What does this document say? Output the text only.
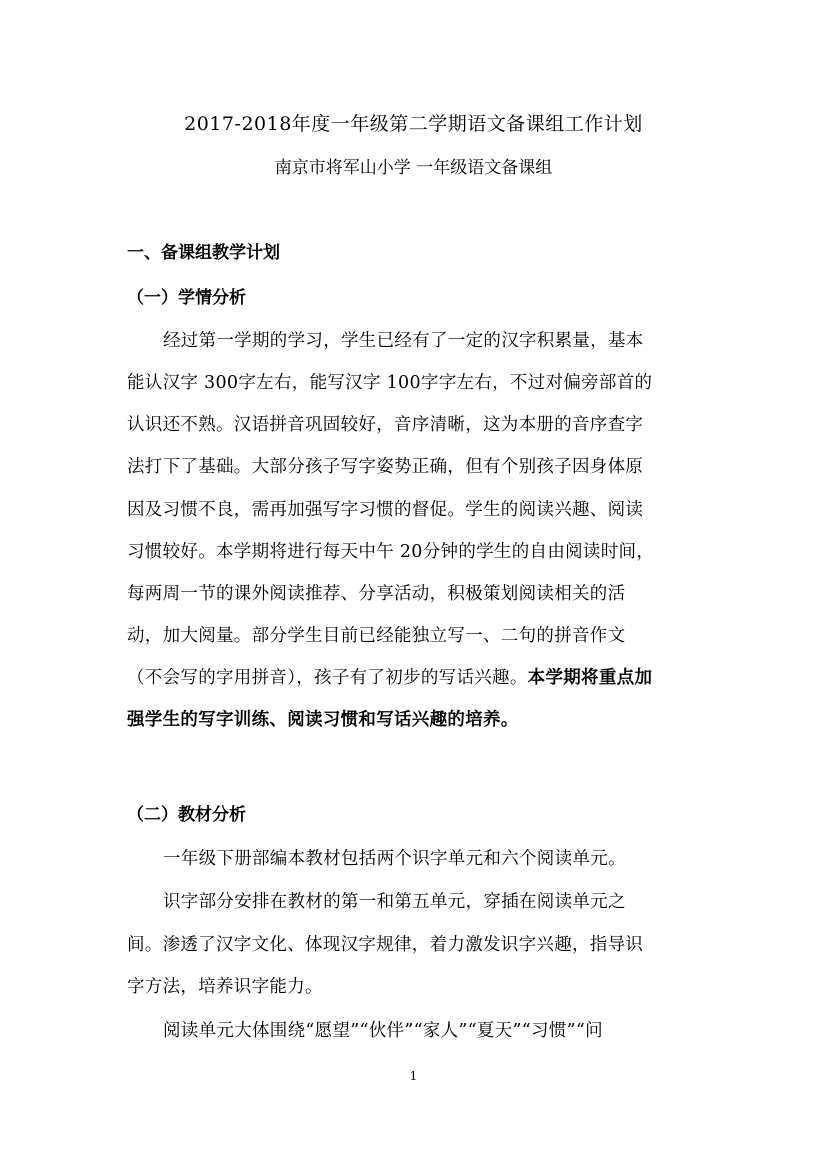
2017-2018年度一年级第二学期语文备课组工作计划
南京市将军山小学 一年级语文备课组
一、备课组教学计划
（一）学情分析
经过第一学期的学习，学生已经有了一定的汉字积累量，基本
能认汉字 300字左右，能写汉字 100字字左右，不过对偏旁部首的
认识还不熟。汉语拼音巩固较好，音序清晰，这为本册的音序查字
法打下了基础。大部分孩子写字姿势正确，但有个别孩子因身体原
因及习惯不良，需再加强写字习惯的督促。学生的阅读兴趣、阅读
习惯较好。本学期将进行每天中午 20分钟的学生的自由阅读时间，
每两周一节的课外阅读推荐、分享活动，积极策划阅读相关的活
动，加大阅量。部分学生目前已经能独立写一、二句的拼音作文
（不会写的字用拼音），孩子有了初步的写话兴趣。本学期将重点加
强学生的写字训练、阅读习惯和写话兴趣的培养。
（二）教材分析
一年级下册部编本教材包括两个识字单元和六个阅读单元。
识字部分安排在教材的第一和第五单元，穿插在阅读单元之
间。渗透了汉字文化、体现汉字规律，着力激发识字兴趣，指导识
字方法，培养识字能力。
阅读单元大体围绕“愿望”“伙伴”“家人”“夏天”“习惯”“问
1
